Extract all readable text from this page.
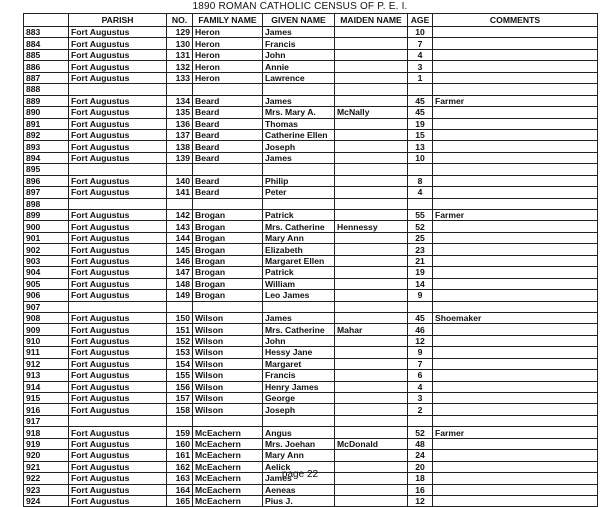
1890 ROMAN CATHOLIC CENSUS OF P. E. I.
	PARISH	NO.	FAMILY NAME	GIVEN NAME	MAIDEN NAME	AGE	COMMENTS
883	Fort Augustus	129	Heron	James		10	
884	Fort Augustus	130	Heron	Francis		7	
885	Fort Augustus	131	Heron	John		4	
886	Fort Augustus	132	Heron	Annie		3	
887	Fort Augustus	133	Heron	Lawrence		1	
888							
889	Fort Augustus	134	Beard	James		45	Farmer
890	Fort Augustus	135	Beard	Mrs. Mary A.	McNally	45	
891	Fort Augustus	136	Beard	Thomas		19	
892	Fort Augustus	137	Beard	Catherine Ellen		15	
893	Fort Augustus	138	Beard	Joseph		13	
894	Fort Augustus	139	Beard	James		10	
895							
896	Fort Augustus	140	Beard	Philip		8	
897	Fort Augustus	141	Beard	Peter		4	
898							
899	Fort Augustus	142	Brogan	Patrick		55	Farmer
900	Fort Augustus	143	Brogan	Mrs. Catherine	Hennessy	52	
901	Fort Augustus	144	Brogan	Mary Ann		25	
902	Fort Augustus	145	Brogan	Elizabeth		23	
903	Fort Augustus	146	Brogan	Margaret Ellen		21	
904	Fort Augustus	147	Brogan	Patrick		19	
905	Fort Augustus	148	Brogan	William		14	
906	Fort Augustus	149	Brogan	Leo James		9	
907							
908	Fort Augustus	150	Wilson	James		45	Shoemaker
909	Fort Augustus	151	Wilson	Mrs. Catherine	Mahar	46	
910	Fort Augustus	152	Wilson	John		12	
911	Fort Augustus	153	Wilson	Hessy Jane		9	
912	Fort Augustus	154	Wilson	Margaret		7	
913	Fort Augustus	155	Wilson	Francis		6	
914	Fort Augustus	156	Wilson	Henry James		4	
915	Fort Augustus	157	Wilson	George		3	
916	Fort Augustus	158	Wilson	Joseph		2	
917							
918	Fort Augustus	159	McEachern	Angus		52	Farmer
919	Fort Augustus	160	McEachern	Mrs. Joehan	McDonald	48	
920	Fort Augustus	161	McEachern	Mary Ann		24	
921	Fort Augustus	162	McEachern	Aelick		20	
922	Fort Augustus	163	McEachern	James		18	
923	Fort Augustus	164	McEachern	Aeneas		16	
924	Fort Augustus	165	McEachern	Pius J.		12	
page 22
